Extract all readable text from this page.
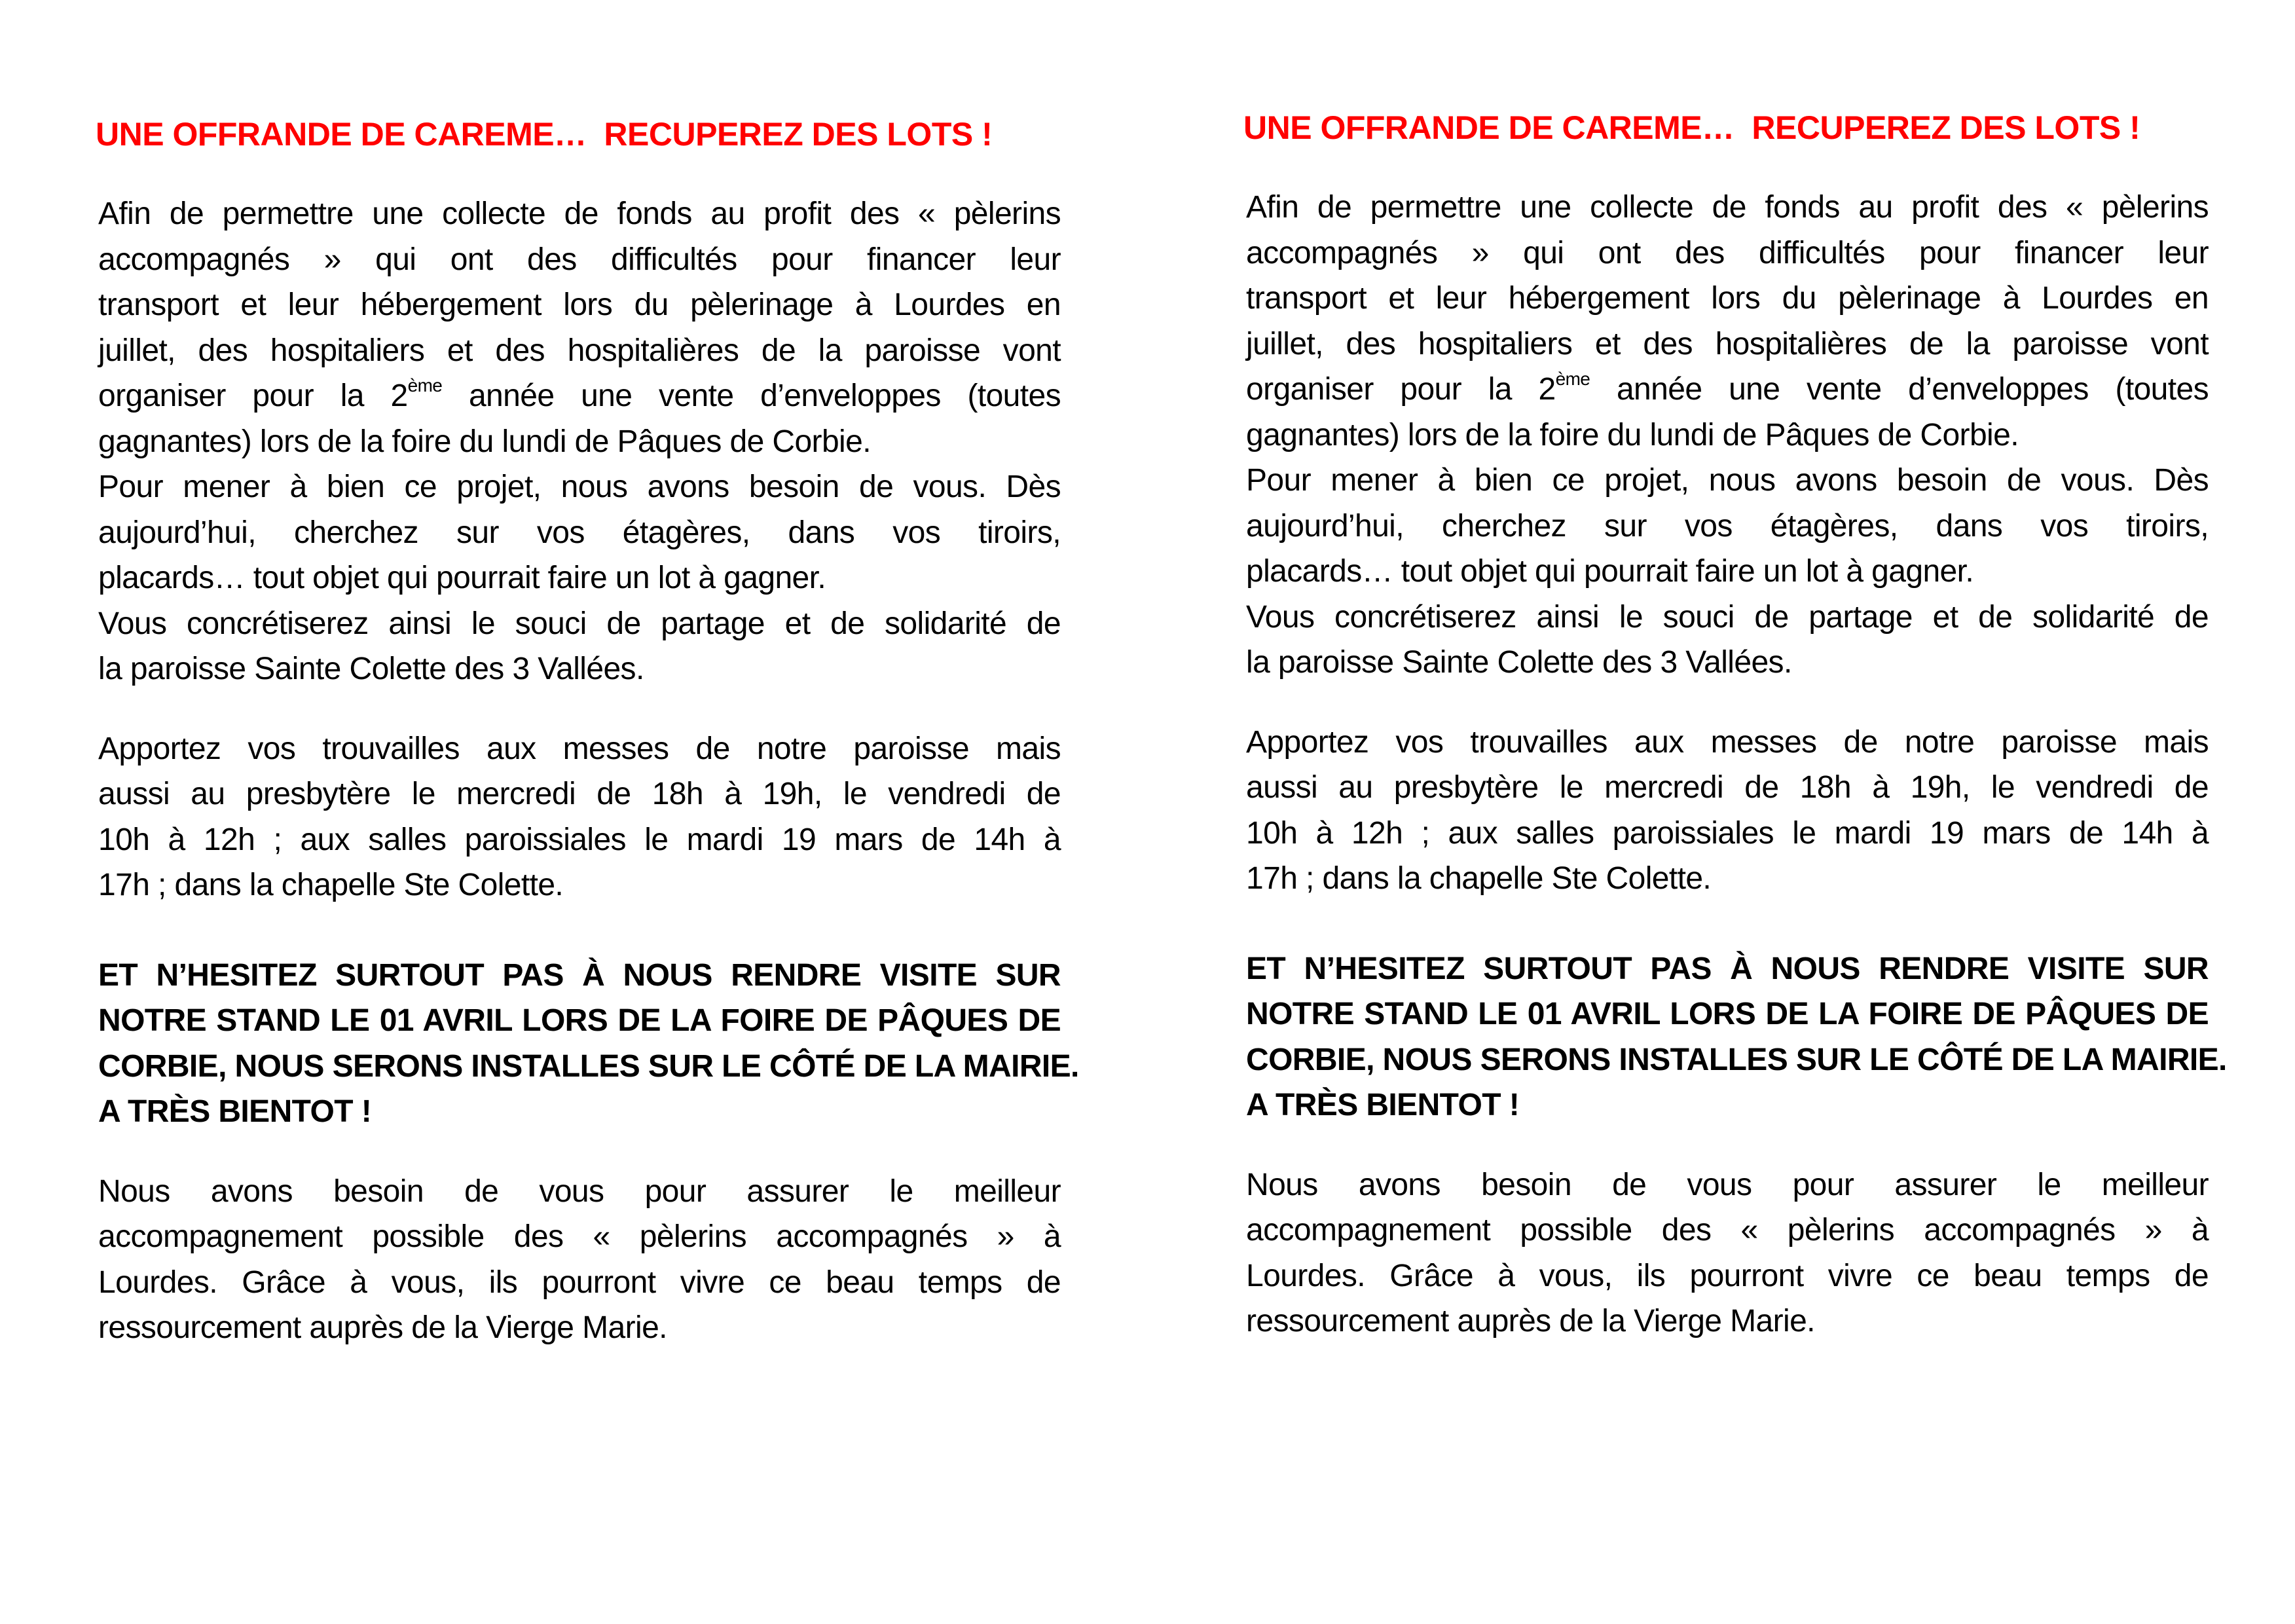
UNE OFFRANDE DE CAREME…  RECUPEREZ DES LOTS !
Afin de permettre une collecte de fonds au profit des « pèlerins
accompagnés » qui ont des difficultés pour financer leur
transport et leur hébergement lors du pèlerinage à Lourdes en
juillet, des hospitaliers et des hospitalières de la paroisse vont
organiser pour la 2ème année une vente d’enveloppes (toutes
gagnantes) lors de la foire du lundi de Pâques de Corbie.
Pour mener à bien ce projet, nous avons besoin de vous. Dès
aujourd’hui, cherchez sur vos étagères, dans vos tiroirs,
placards… tout objet qui pourrait faire un lot à gagner.
Vous concrétiserez ainsi le souci de partage et de solidarité de
la paroisse Sainte Colette des 3 Vallées.
Apportez vos trouvailles aux messes de notre paroisse mais
aussi au presbytère le mercredi de 18h à 19h, le vendredi de
10h à 12h ; aux salles paroissiales le mardi 19 mars de 14h à
17h ; dans la chapelle Ste Colette.
ET N’HESITEZ SURTOUT PAS À NOUS RENDRE VISITE SUR
NOTRE STAND LE 01 AVRIL LORS DE LA FOIRE DE PÂQUES DE
CORBIE, NOUS SERONS INSTALLES SUR LE CÔTÉ DE LA MAIRIE.
A TRÈS BIENTOT !
Nous avons besoin de vous pour assurer le meilleur
accompagnement possible des « pèlerins accompagnés » à
Lourdes. Grâce à vous, ils pourront vivre ce beau temps de
ressourcement auprès de la Vierge Marie.
UNE OFFRANDE DE CAREME…  RECUPEREZ DES LOTS !
Afin de permettre une collecte de fonds au profit des « pèlerins
accompagnés » qui ont des difficultés pour financer leur
transport et leur hébergement lors du pèlerinage à Lourdes en
juillet, des hospitaliers et des hospitalières de la paroisse vont
organiser pour la 2ème année une vente d’enveloppes (toutes
gagnantes) lors de la foire du lundi de Pâques de Corbie.
Pour mener à bien ce projet, nous avons besoin de vous. Dès
aujourd’hui, cherchez sur vos étagères, dans vos tiroirs,
placards… tout objet qui pourrait faire un lot à gagner.
Vous concrétiserez ainsi le souci de partage et de solidarité de
la paroisse Sainte Colette des 3 Vallées.
Apportez vos trouvailles aux messes de notre paroisse mais
aussi au presbytère le mercredi de 18h à 19h, le vendredi de
10h à 12h ; aux salles paroissiales le mardi 19 mars de 14h à
17h ; dans la chapelle Ste Colette.
ET N’HESITEZ SURTOUT PAS À NOUS RENDRE VISITE SUR
NOTRE STAND LE 01 AVRIL LORS DE LA FOIRE DE PÂQUES DE
CORBIE, NOUS SERONS INSTALLES SUR LE CÔTÉ DE LA MAIRIE.
A TRÈS BIENTOT !
Nous avons besoin de vous pour assurer le meilleur
accompagnement possible des « pèlerins accompagnés » à
Lourdes. Grâce à vous, ils pourront vivre ce beau temps de
ressourcement auprès de la Vierge Marie.
